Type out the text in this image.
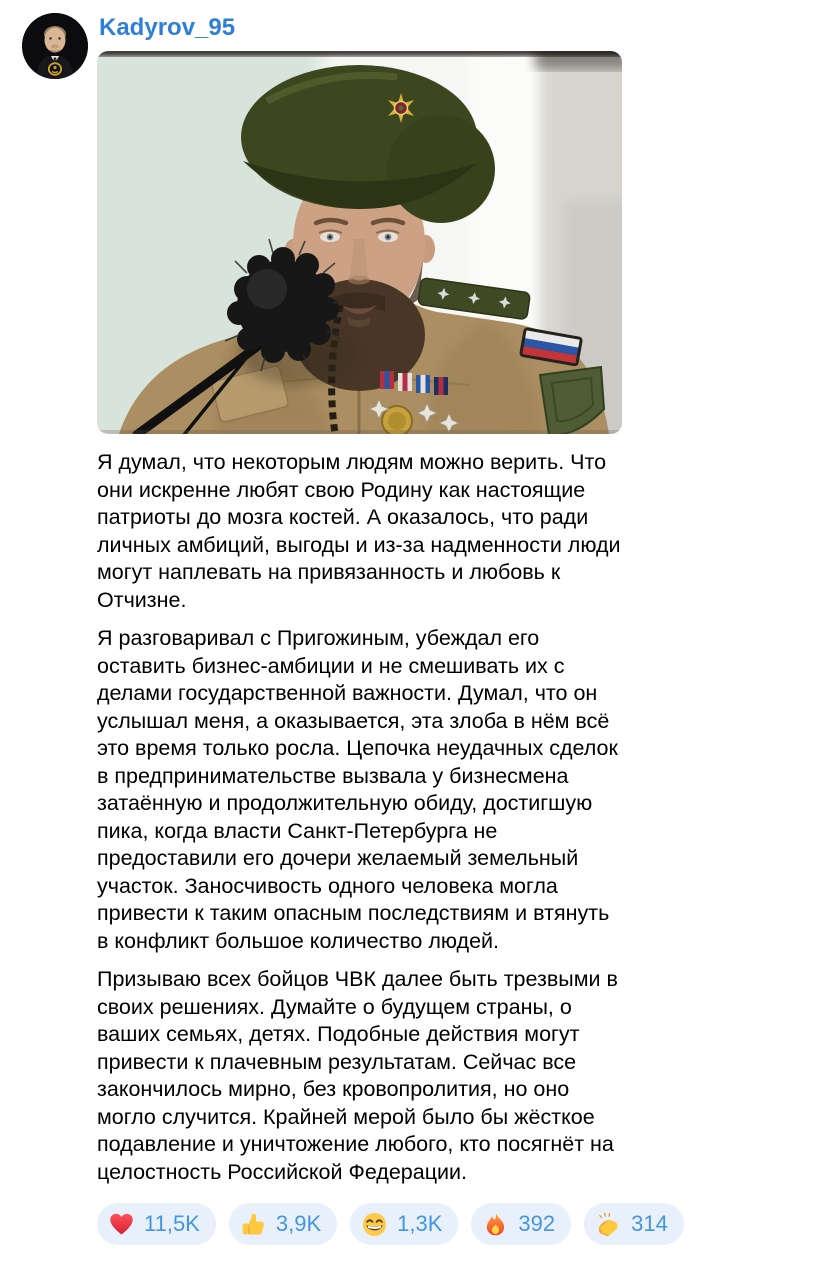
Kadyrov_95

Я думал, что некоторым людям можно верить. Что они искренне любят свою Родину как настоящие патриоты до мозга костей. А оказалось, что ради личных амбиций, выгоды и из-за надменности люди могут наплевать на привязанность и любовь к Отчизне.

Я разговаривал с Пригожиным, убеждал его оставить бизнес-амбиции и не смешивать их с делами государственной важности. Думал, что он услышал меня, а оказывается, эта злоба в нём всё это время только росла. Цепочка неудачных сделок в предпринимательстве вызвала у бизнесмена затаённую и продолжительную обиду, достигшую пика, когда власти Санкт-Петербурга не предоставили его дочери желаемый земельный участок. Заносчивость одного человека могла привести к таким опасным последствиям и втянуть в конфликт большое количество людей.

Призываю всех бойцов ЧВК далее быть трезвыми в своих решениях. Думайте о будущем страны, о ваших семьях, детях. Подобные действия могут привести к плачевным результатам. Сейчас все закончилось мирно, без кровопролития, но оно могло случится. Крайней мерой было бы жёсткое подавление и уничтожение любого, кто посягнёт на целостность Российской Федерации.

11,5K	3,9K	1,3K	392	314
